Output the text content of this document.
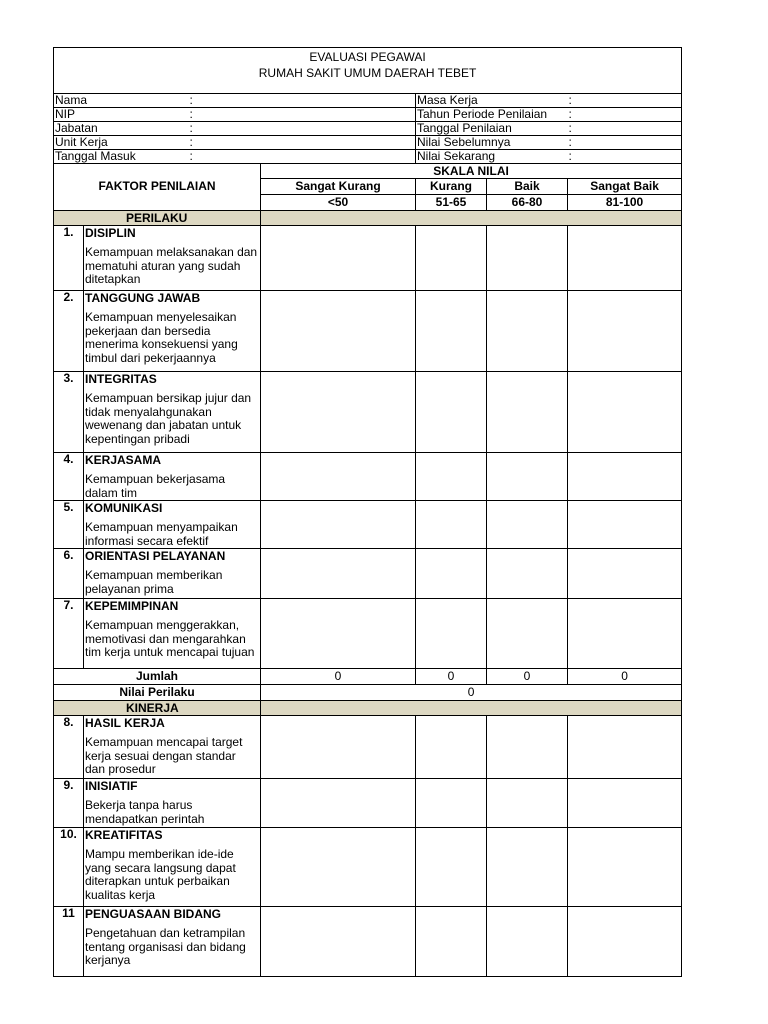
EVALUASI PEGAWAI
RUMAH SAKIT UMUM DAERAH TEBET						

Nama		:		Masa Kerja		:
NIP		:		Tahun Periode Penilaian		:
Jabatan		:		Tanggal Penilaian		:
Unit Kerja		:		Nilai Sebelumnya		:
Tanggal Masuk		:		Nilai Sekarang		:
FAKTOR PENILAIAN			SKALA NILAI			
			Sangat Kurang	Kurang	Baik	Sangat Baik
			<50	51-65	66-80	81-100
PERILAKU						
1.	DISIPLIN
Kemampuan melaksanakan dan mematuhi aturan yang sudah ditetapkan					

2.	TANGGUNG JAWAB
Kemampuan menyelesaikan pekerjaan dan bersedia menerima konsekuensi yang timbul dari pekerjaannya					

3.	INTEGRITAS
Kemampuan bersikap jujur dan tidak menyalahgunakan wewenang dan jabatan untuk kepentingan pribadi					

4.	KERJASAMA
Kemampuan bekerjasama dalam tim					

5.	KOMUNIKASI
Kemampuan menyampaikan informasi secara efektif					

6.	ORIENTASI PELAYANAN
Kemampuan memberikan pelayanan prima					

7.	KEPEMIMPINAN
Kemampuan menggerakkan, memotivasi dan mengarahkan tim kerja untuk mencapai tujuan					

Jumlah			0	0	0	0
Nilai Perilaku			0			
KINERJA						
8.	HASIL KERJA
Kemampuan mencapai target kerja sesuai dengan standar dan prosedur					

9.	INISIATIF
Bekerja tanpa harus mendapatkan perintah					

10.	KREATIFITAS
Mampu memberikan ide-ide yang secara langsung dapat diterapkan untuk perbaikan kualitas kerja					

11	PENGUASAAN BIDANG
Pengetahuan dan ketrampilan tentang organisasi dan bidang kerjanya					
